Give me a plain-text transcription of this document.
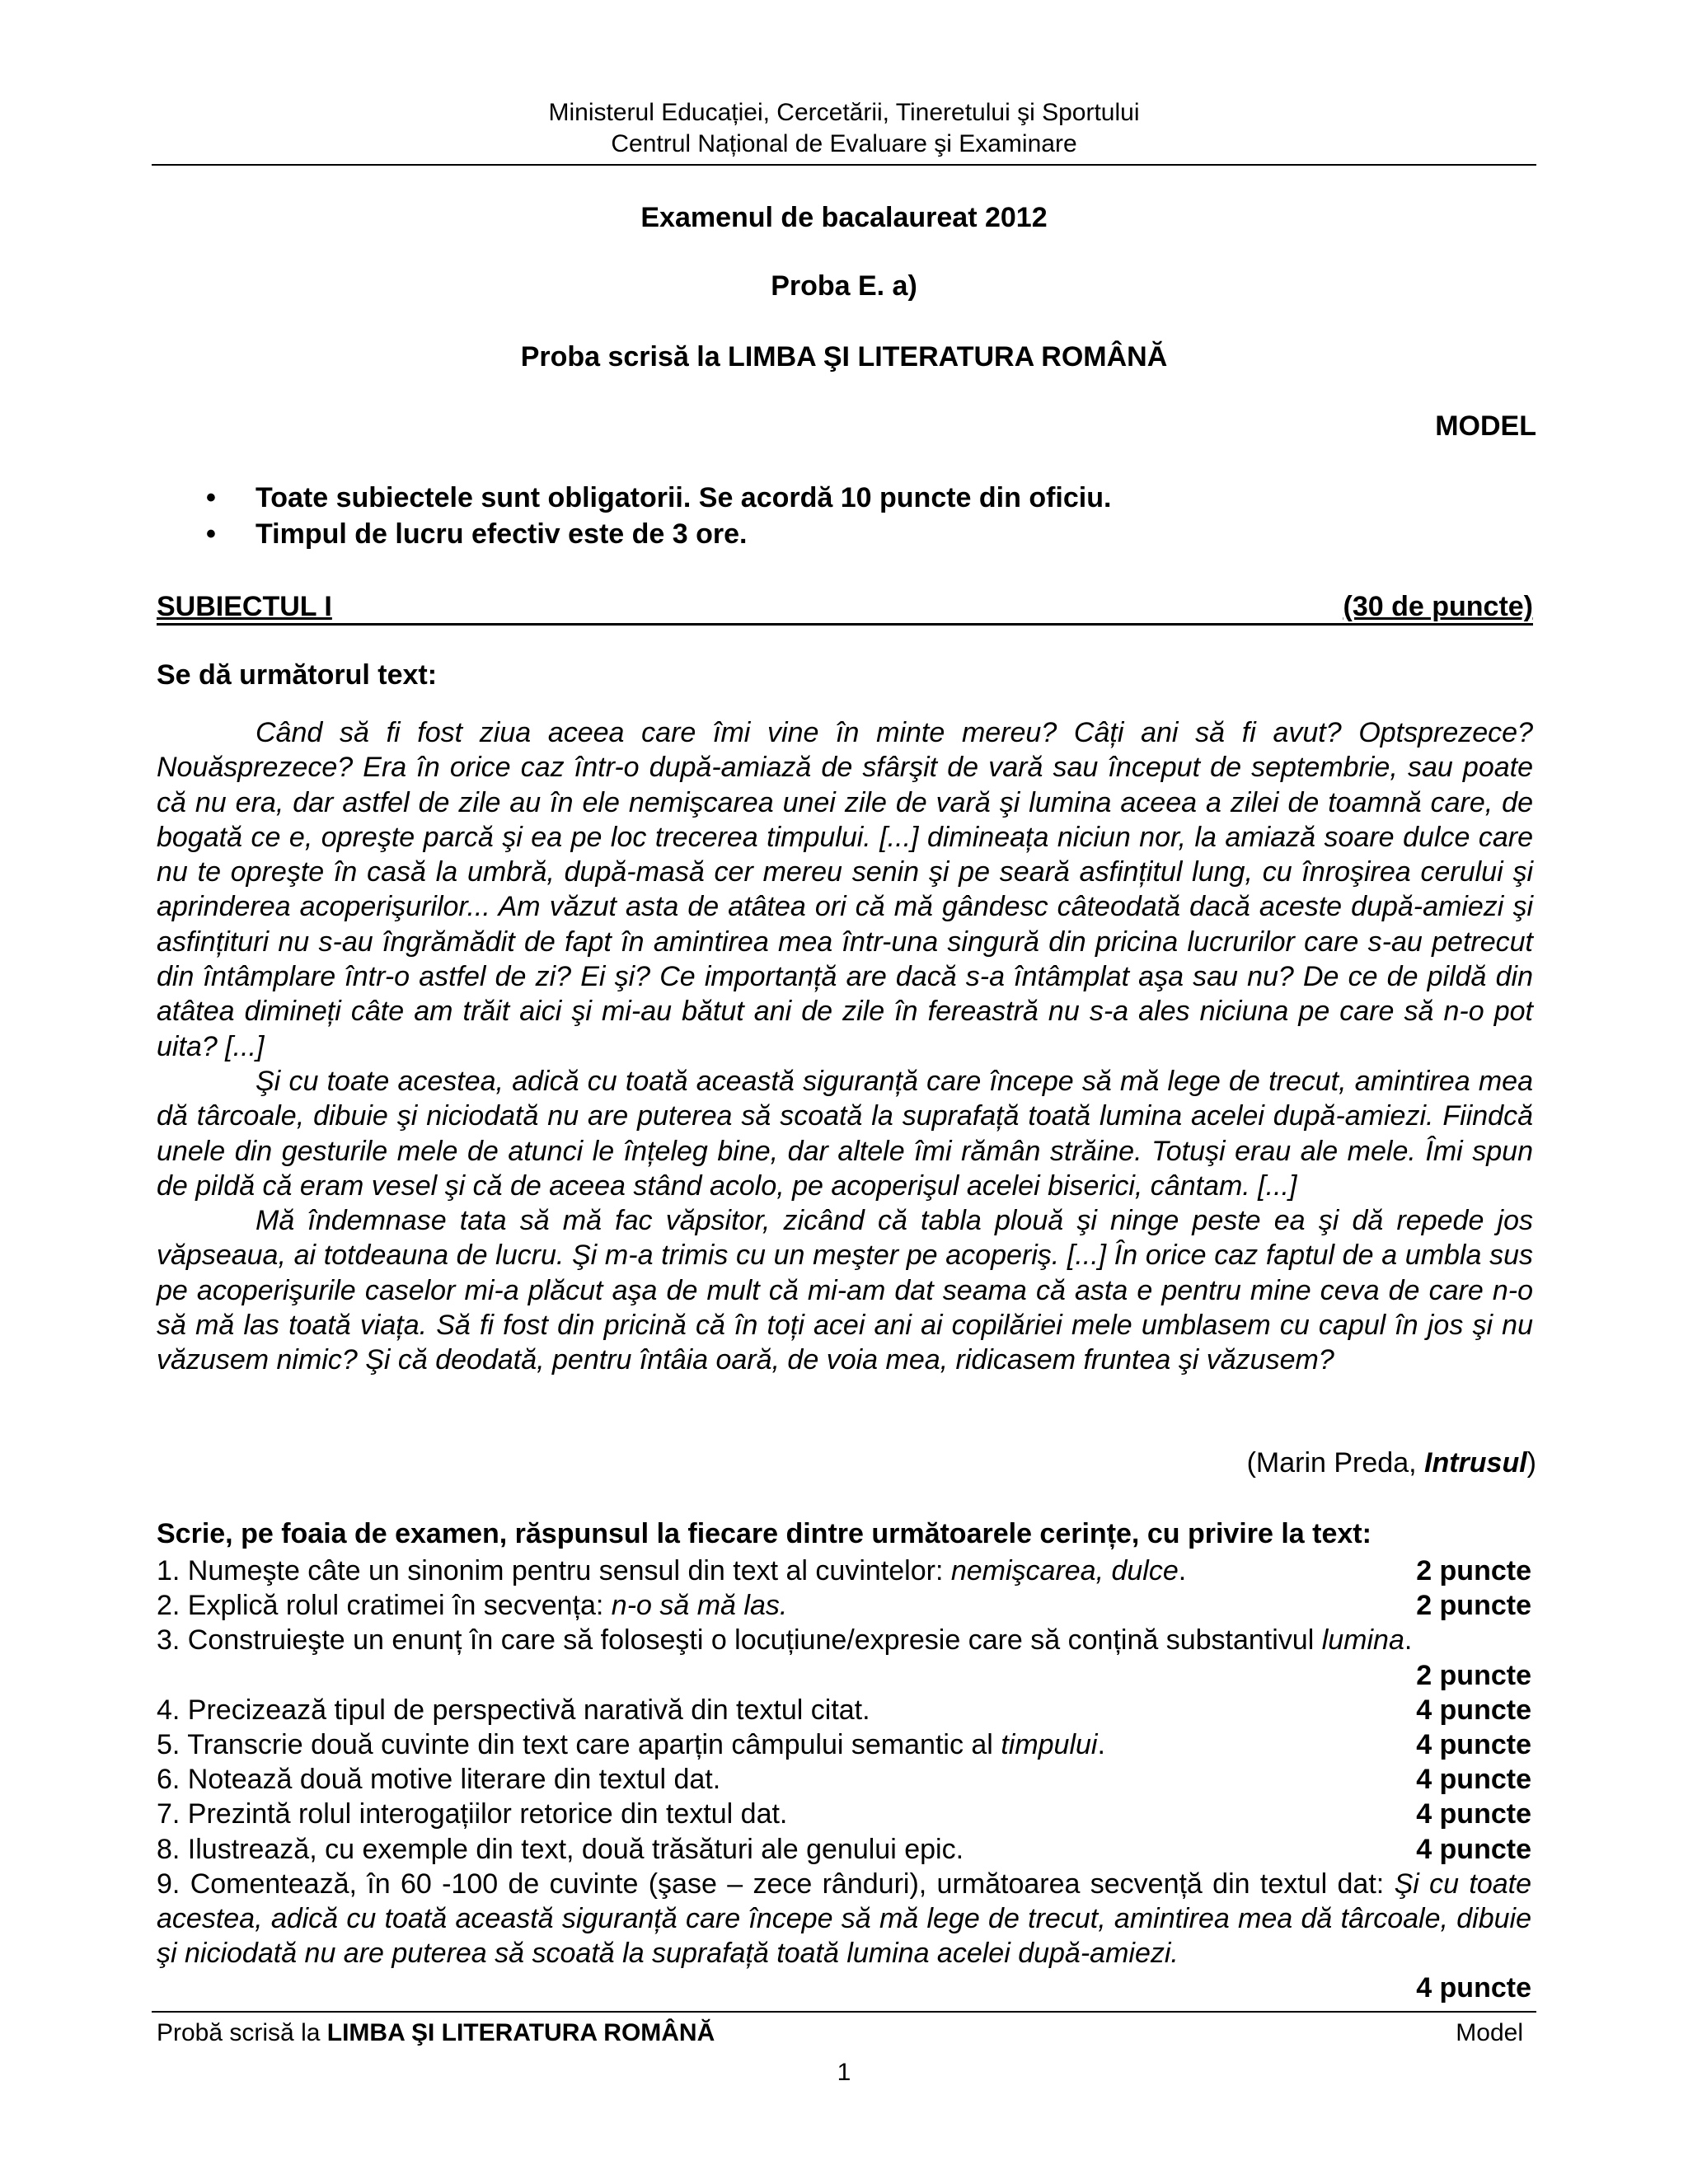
Ministerul Educației, Cercetării, Tineretului şi Sportului
Centrul Național de Evaluare şi Examinare
Examenul de bacalaureat 2012
Proba E. a)
Proba scrisă la LIMBA ŞI LITERATURA ROMÂNĂ
MODEL
• Toate subiectele sunt obligatorii. Se acordă 10 puncte din oficiu.
• Timpul de lucru efectiv este de 3 ore.
SUBIECTUL I	(30 de puncte)
Se dă următorul text:

Când să fi fost ziua aceea care îmi vine în minte mereu? Câți ani să fi avut? Optsprezece? Nouăsprezece? Era în orice caz într-o după-amiază de sfârşit de vară sau început de septembrie, sau poate că nu era, dar astfel de zile au în ele nemişcarea unei zile de vară şi lumina aceea a zilei de toamnă care, de bogată ce e, opreşte parcă şi ea pe loc trecerea timpului. [...] dimineața niciun nor, la amiază soare dulce care nu te opreşte în casă la umbră, după-masă cer mereu senin şi pe seară asfințitul lung, cu înroşirea cerului şi aprinderea acoperişurilor... Am văzut asta de atâtea ori că mă gândesc câteodată dacă aceste după-amiezi şi asfințituri nu s-au îngrămădit de fapt în amintirea mea într-una singură din pricina lucrurilor care s-au petrecut din întâmplare într-o astfel de zi? Ei şi? Ce importanță are dacă s-a întâmplat aşa sau nu? De ce de pildă din atâtea dimineți câte am trăit aici şi mi-au bătut ani de zile în fereastră nu s-a ales niciuna pe care să n-o pot uita? [...]

Şi cu toate acestea, adică cu toată această siguranță care începe să mă lege de trecut, amintirea mea dă târcoale, dibuie şi niciodată nu are puterea să scoată la suprafață toată lumina acelei după-amiezi. Fiindcă unele din gesturile mele de atunci le înțeleg bine, dar altele îmi rămân străine. Totuşi erau ale mele. Îmi spun de pildă că eram vesel şi că de aceea stând acolo, pe acoperişul acelei biserici, cântam. [...]

Mă îndemnase tata să mă fac văpsitor, zicând că tabla plouă şi ninge peste ea şi dă repede jos văpseaua, ai totdeauna de lucru. Şi m-a trimis cu un meşter pe acoperiş. [...] În orice caz faptul de a umbla sus pe acoperişurile caselor mi-a plăcut aşa de mult că mi-am dat seama că asta e pentru mine ceva de care n-o să mă las toată viața. Să fi fost din pricină că în toți acei ani ai copilăriei mele umblasem cu capul în jos şi nu văzusem nimic? Şi că deodată, pentru întâia oară, de voia mea, ridicasem fruntea şi văzusem?

(Marin Preda, Intrusul)
Scrie, pe foaia de examen, răspunsul la fiecare dintre următoarele cerințe, cu privire la text:
1. Numeşte câte un sinonim pentru sensul din text al cuvintelor: nemişcarea, dulce.	2 puncte
2. Explică rolul cratimei în secvența: n-o să mă las.	2 puncte
3. Construieşte un enunț în care să foloseşti o locuțiune/expresie care să conțină substantivul lumina.
2 puncte
4. Precizează tipul de perspectivă narativă din textul citat.	4 puncte
5. Transcrie două cuvinte din text care aparțin câmpului semantic al timpului.	4 puncte
6. Notează două motive literare din textul dat.	4 puncte
7. Prezintă rolul interogațiilor retorice din textul dat.	4 puncte
8. Ilustrează, cu exemple din text, două trăsături ale genului epic.	4 puncte
9. Comentează, în 60 -100 de cuvinte (şase – zece rânduri), următoarea secvență din textul dat: Şi cu toate acestea, adică cu toată această siguranță care începe să mă lege de trecut, amintirea mea dă târcoale, dibuie şi niciodată nu are puterea să scoată la suprafață toată lumina acelei după-amiezi.
4 puncte
Probă scrisă la LIMBA ŞI LITERATURA ROMÂNĂ	Model
1
